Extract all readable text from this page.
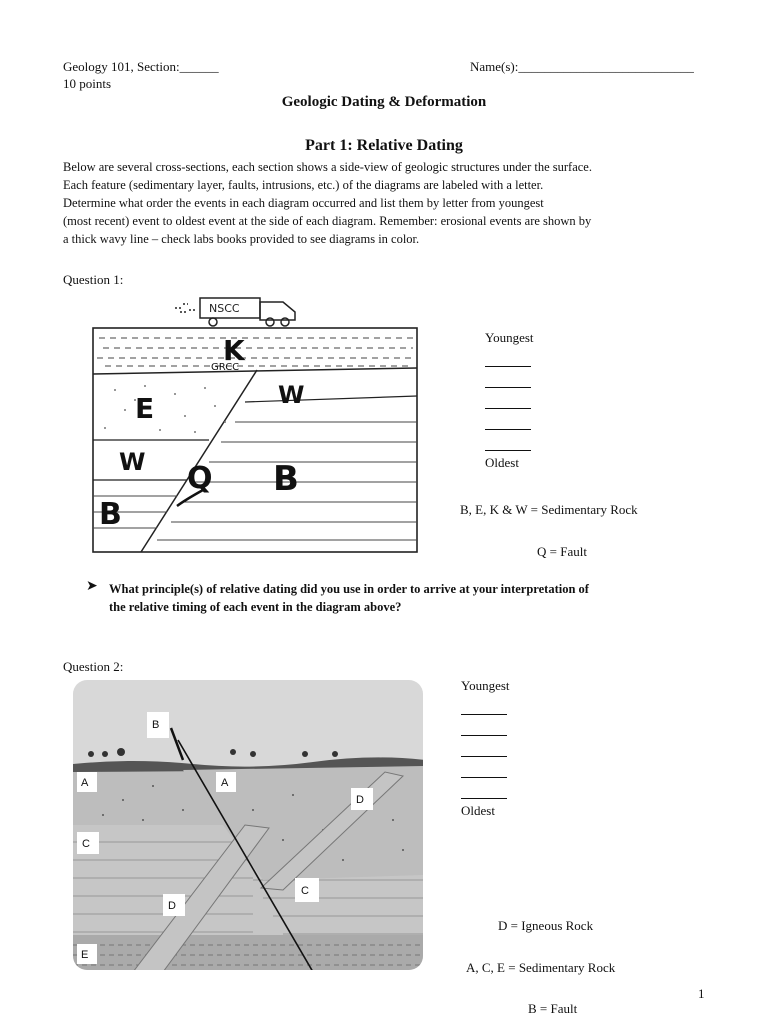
Geology 101, Section:______
10 points
Name(s):___________________________
Geologic Dating & Deformation
Part 1: Relative Dating
Below are several cross-sections, each section shows a side-view of geologic structures under the surface.
Each feature (sedimentary layer, faults, intrusions, etc.) of the diagrams are labeled with a letter.
Determine what order the events in each diagram occurred and list them by letter from youngest
(most recent) event to oldest event at the side of each diagram. Remember: erosional events are shown by
a thick wavy line – check labs books provided to see diagrams in color.
Question 1:
NSCC
K
E	W
W	B
Q
B
GRCC
Youngest
Oldest
B, E, K & W = Sedimentary Rock
Q = Fault
➤ What principle(s) of relative dating did you use in order to arrive at your interpretation of
the relative timing of each event in the diagram above?
Question 2:
B
A	A
D
C
C
D
E
Youngest
Oldest
D = Igneous Rock
A, C, E = Sedimentary Rock
B = Fault
1
